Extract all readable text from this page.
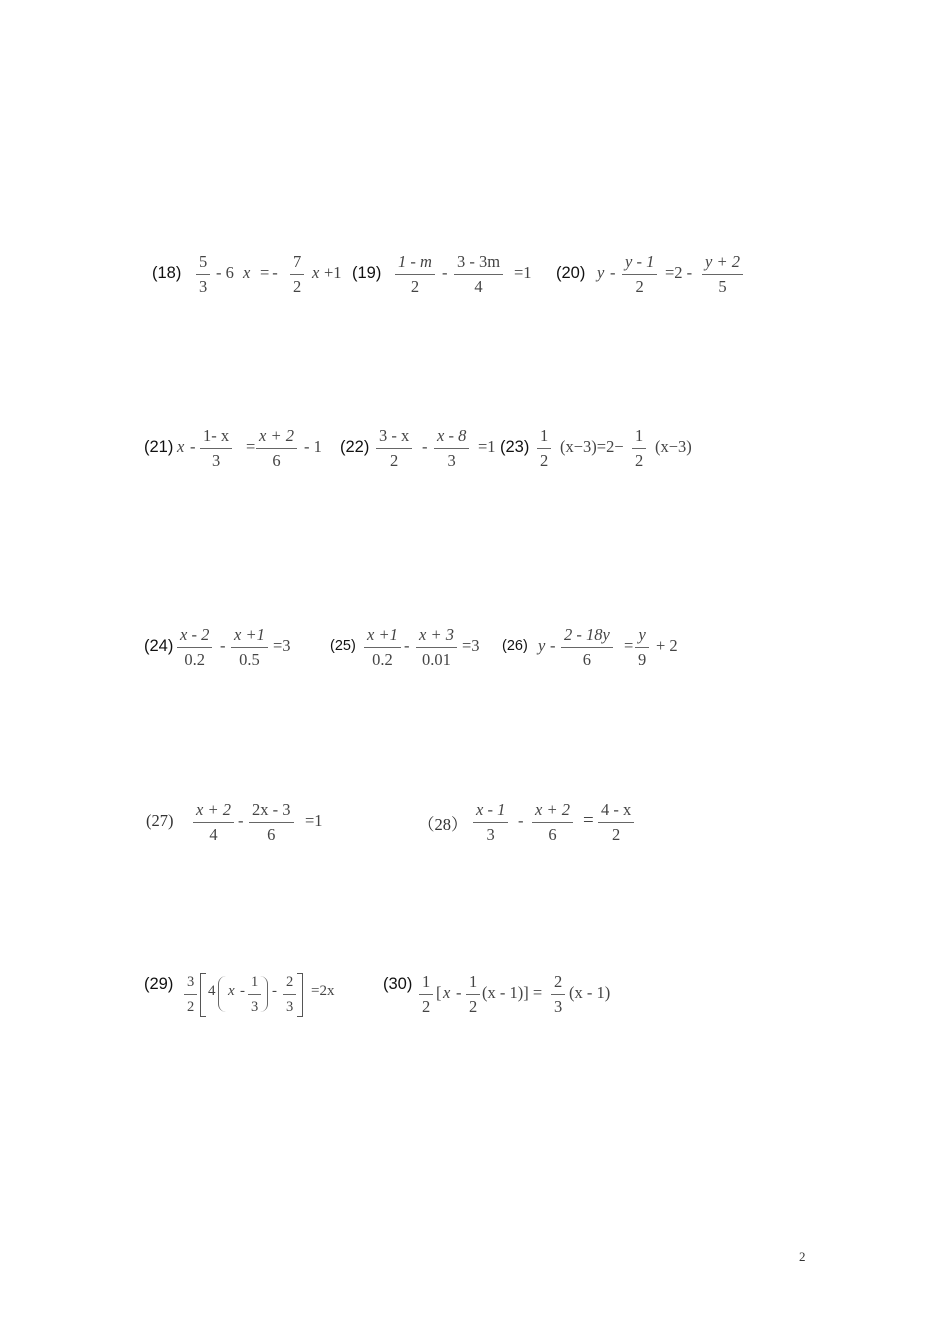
(18)
5
3
- 6 x =-
7
2
x +1 (19)
1 - m
2
-
3 - 3m
4
=1 (20) y -
y - 1
2
=2 -
y + 2
5
(21) x -
1- x
3
=
x + 2
6
- 1 (22)
3 - x
2
-
x - 8
3
=1 (23)
1
2
(x−3)=2−
1
2
(x−3)
(24)
x - 2
0.2
-
x +1
0.5
=3	(25)
x +1
0.2
-
x + 3
0.01
=3 (26) y -
2 - 18y
6
=
y
9
+ 2
(27)
x + 2
4
-
2x - 3
6
=1	（28）
x - 1
3
-
x + 2
6
=
4 - x
2
(29) 3
2
4 x -
1
3
-
2
3
=2x	(30) 1
2
[ x -
1
2
(x - 1)] =
2
3
(x - 1)
2
